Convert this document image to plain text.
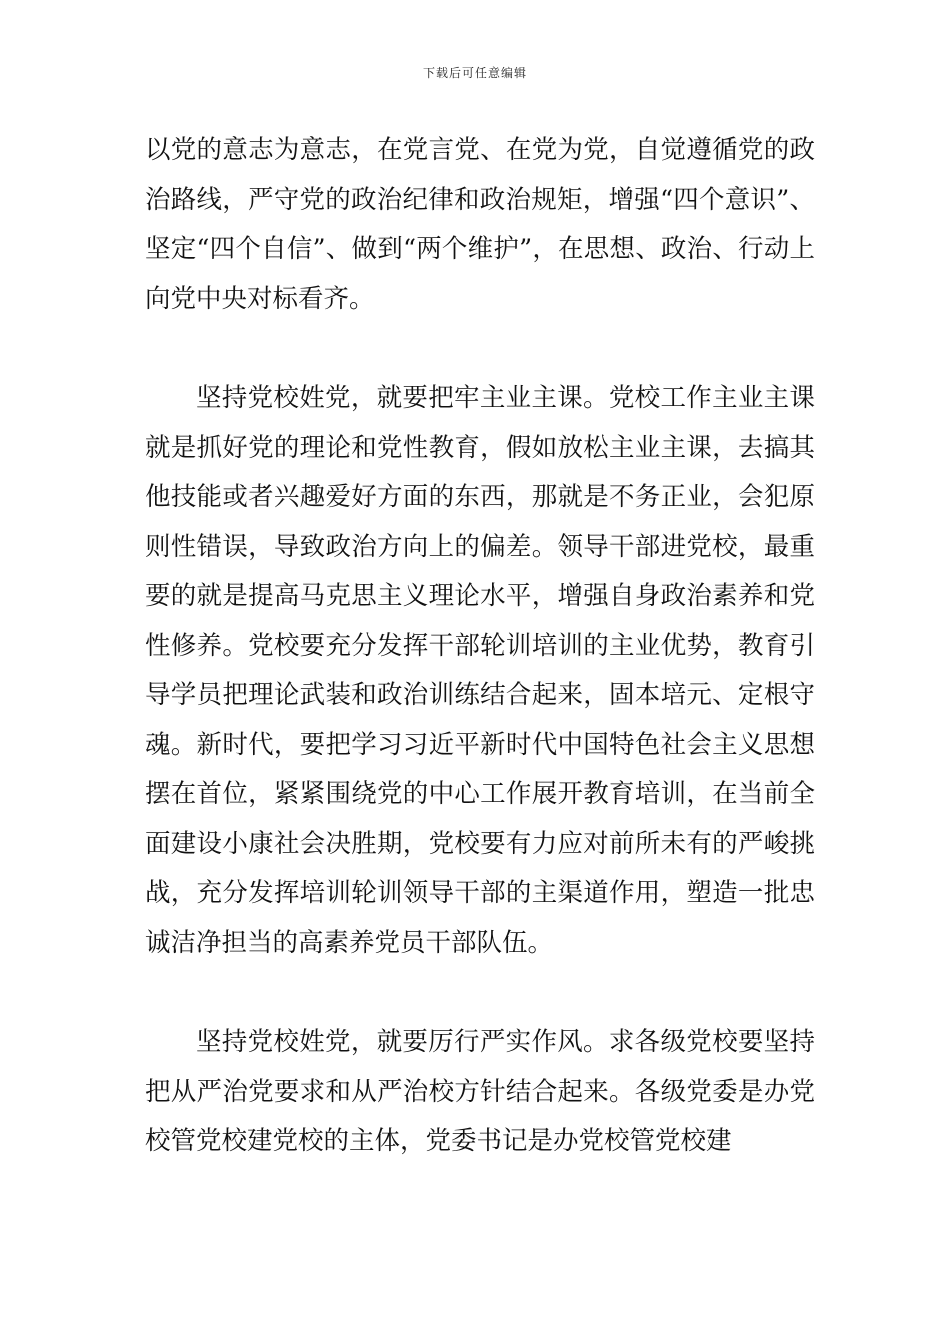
下载后可任意编辑

以党的意志为意志，在党言党、在党为党，自觉遵循党的政治路线，严守党的政治纪律和政治规矩，增强“四个意识”、坚定“四个自信”、做到“两个维护”，在思想、政治、行动上向党中央对标看齐。

坚持党校姓党，就要把牢主业主课。党校工作主业主课就是抓好党的理论和党性教育，假如放松主业主课，去搞其他技能或者兴趣爱好方面的东西，那就是不务正业，会犯原则性错误，导致政治方向上的偏差。领导干部进党校，最重要的就是提高马克思主义理论水平，增强自身政治素养和党性修养。党校要充分发挥干部轮训培训的主业优势，教育引导学员把理论武装和政治训练结合起来，固本培元、定根守魂。新时代，要把学习习近平新时代中国特色社会主义思想摆在首位，紧紧围绕党的中心工作展开教育培训，在当前全面建设小康社会决胜期，党校要有力应对前所未有的严峻挑战，充分发挥培训轮训领导干部的主渠道作用，塑造一批忠诚洁净担当的高素养党员干部队伍。

坚持党校姓党，就要厉行严实作风。求各级党校要坚持把从严治党要求和从严治校方针结合起来。各级党委是办党校管党校建党校的主体，党委书记是办党校管党校建
